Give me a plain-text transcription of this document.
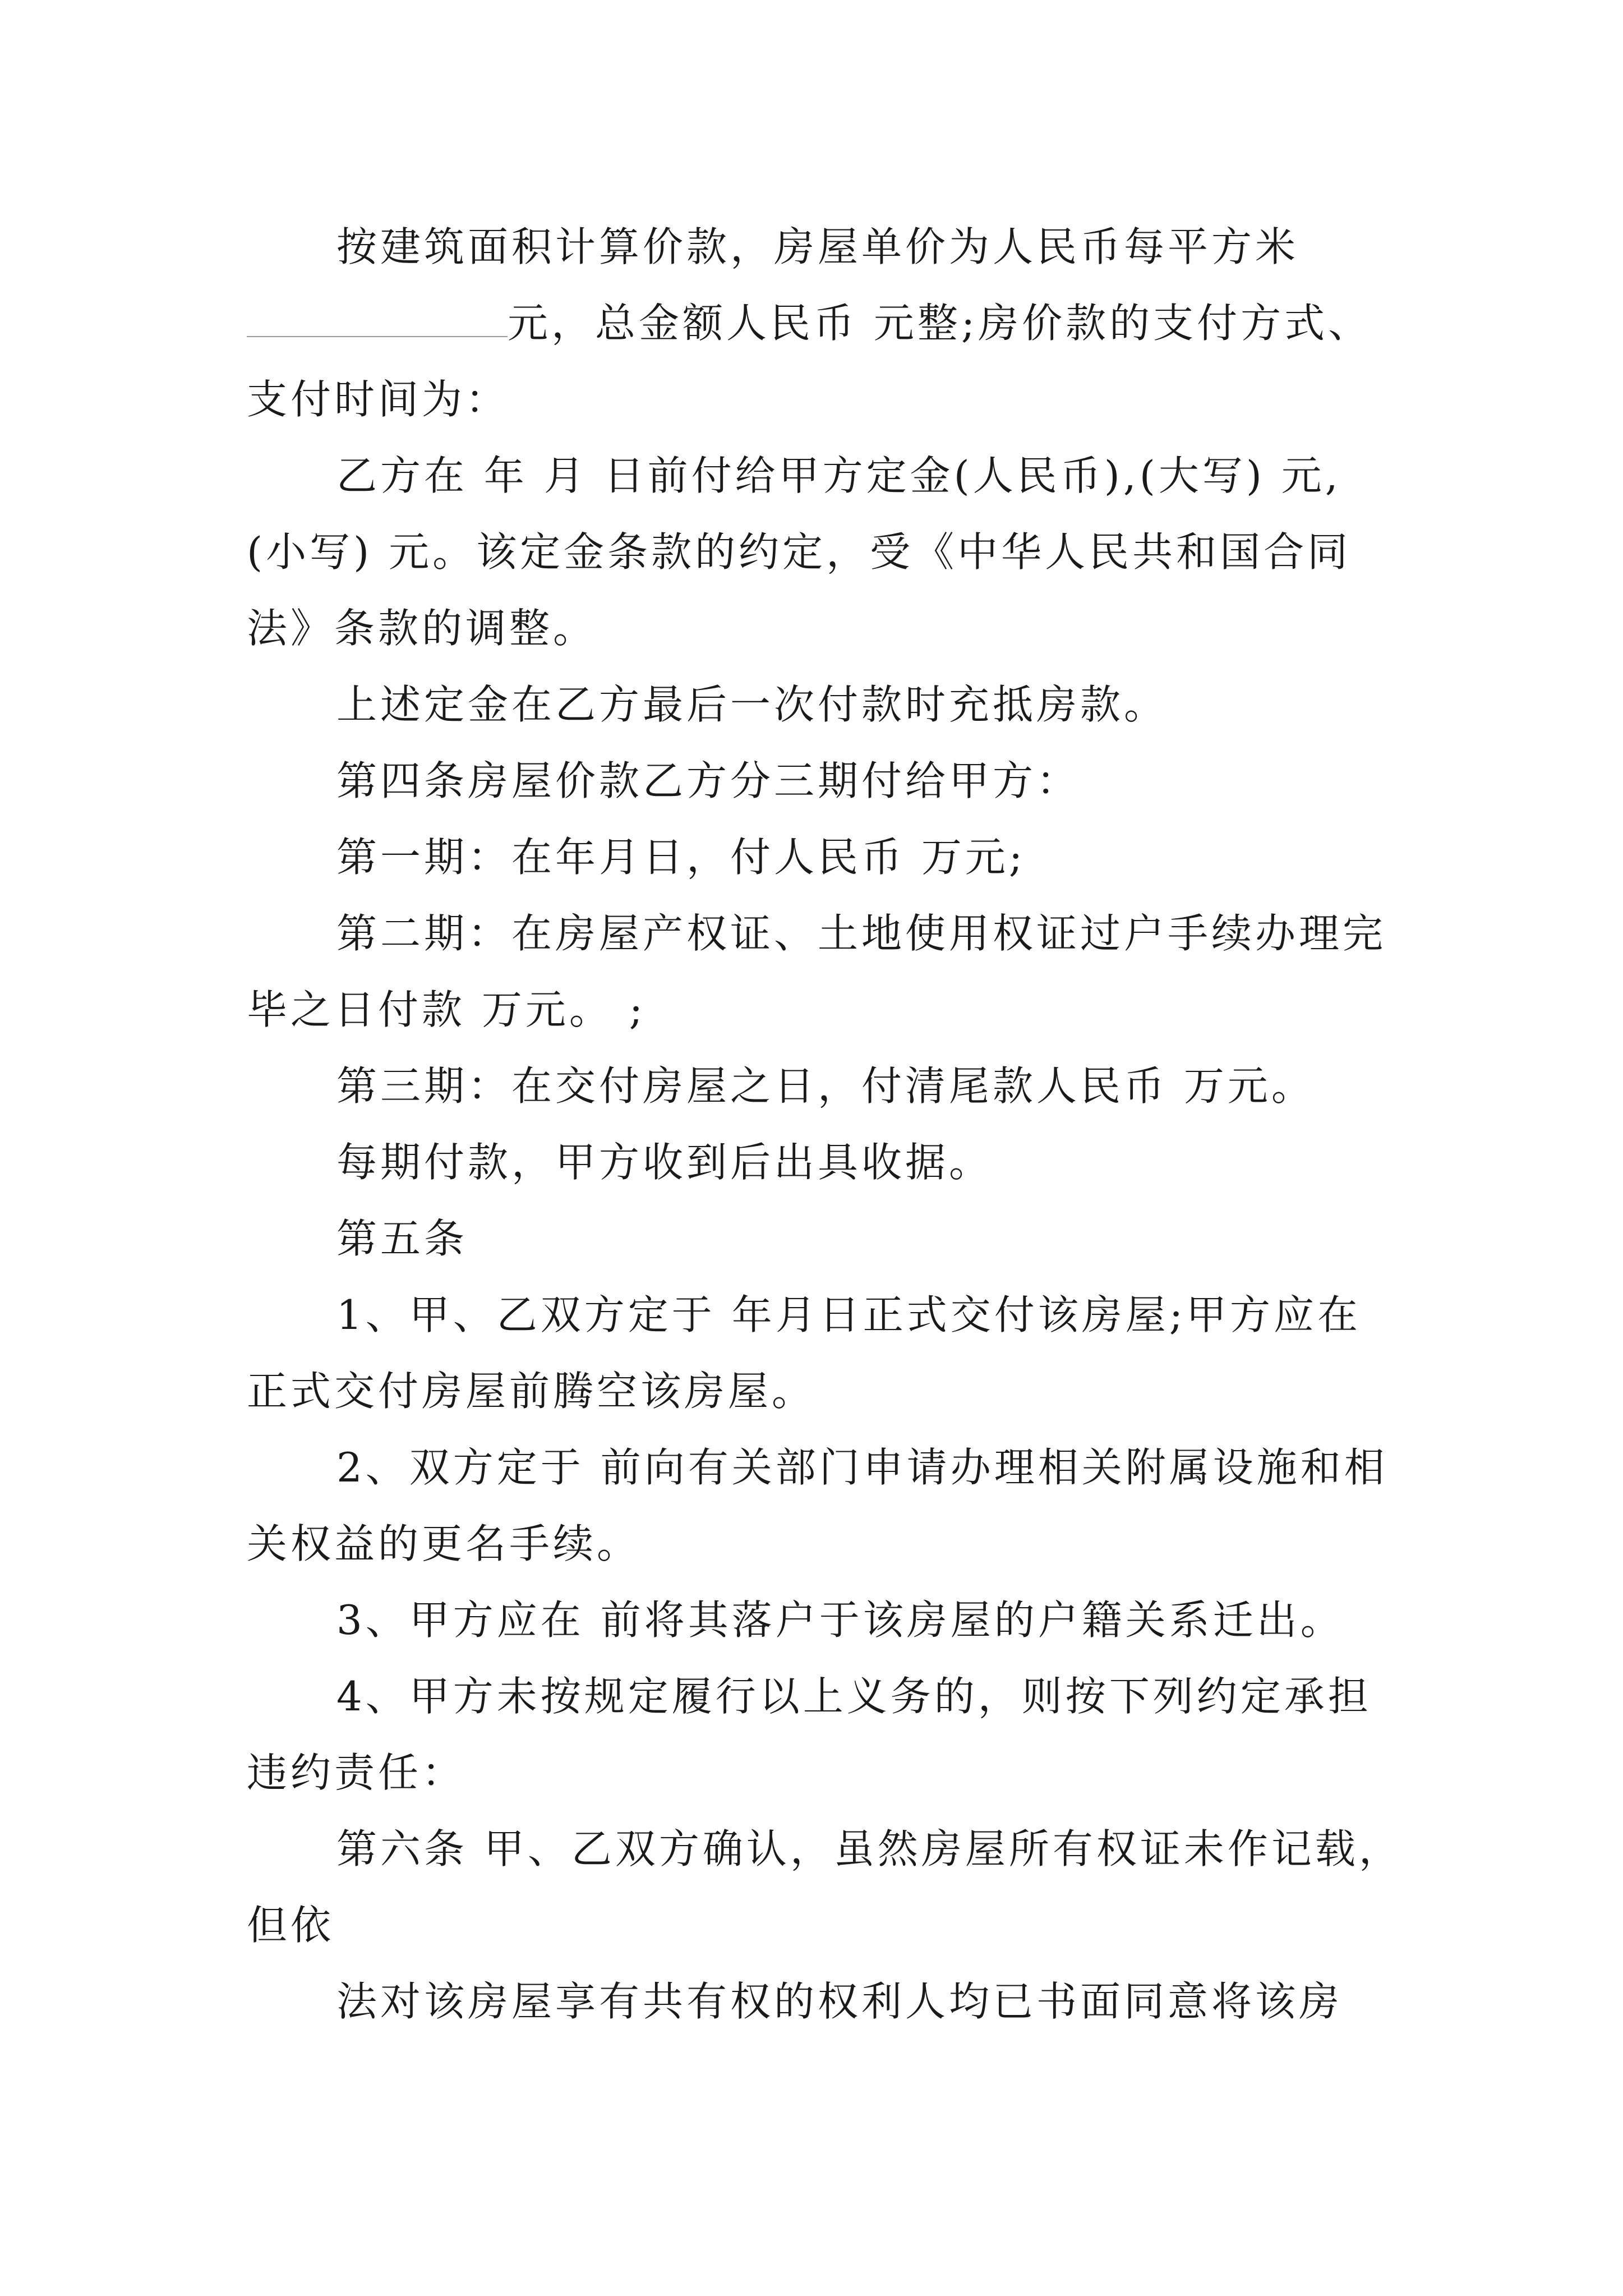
按建筑面积计算价款，房屋单价为人民币每平方米
元，总金额人民币 元整;房价款的支付方式、
支付时间为：
乙方在 年 月 日前付给甲方定金(人民币),(大写) 元,
(小写) 元。该定金条款的约定，受《中华人民共和国合同
法》条款的调整。
上述定金在乙方最后一次付款时充抵房款。
第四条房屋价款乙方分三期付给甲方：
第一期：在年月日，付人民币 万元;
第二期：在房屋产权证、土地使用权证过户手续办理完
毕之日付款 万元。 ;
第三期：在交付房屋之日，付清尾款人民币 万元。
每期付款，甲方收到后出具收据。
第五条
1、甲、乙双方定于 年月日正式交付该房屋;甲方应在
正式交付房屋前腾空该房屋。
2、双方定于 前向有关部门申请办理相关附属设施和相
关权益的更名手续。
3、甲方应在 前将其落户于该房屋的户籍关系迁出。
4、甲方未按规定履行以上义务的，则按下列约定承担
违约责任：
第六条 甲、乙双方确认，虽然房屋所有权证未作记载，
但依
法对该房屋享有共有权的权利人均已书面同意将该房
